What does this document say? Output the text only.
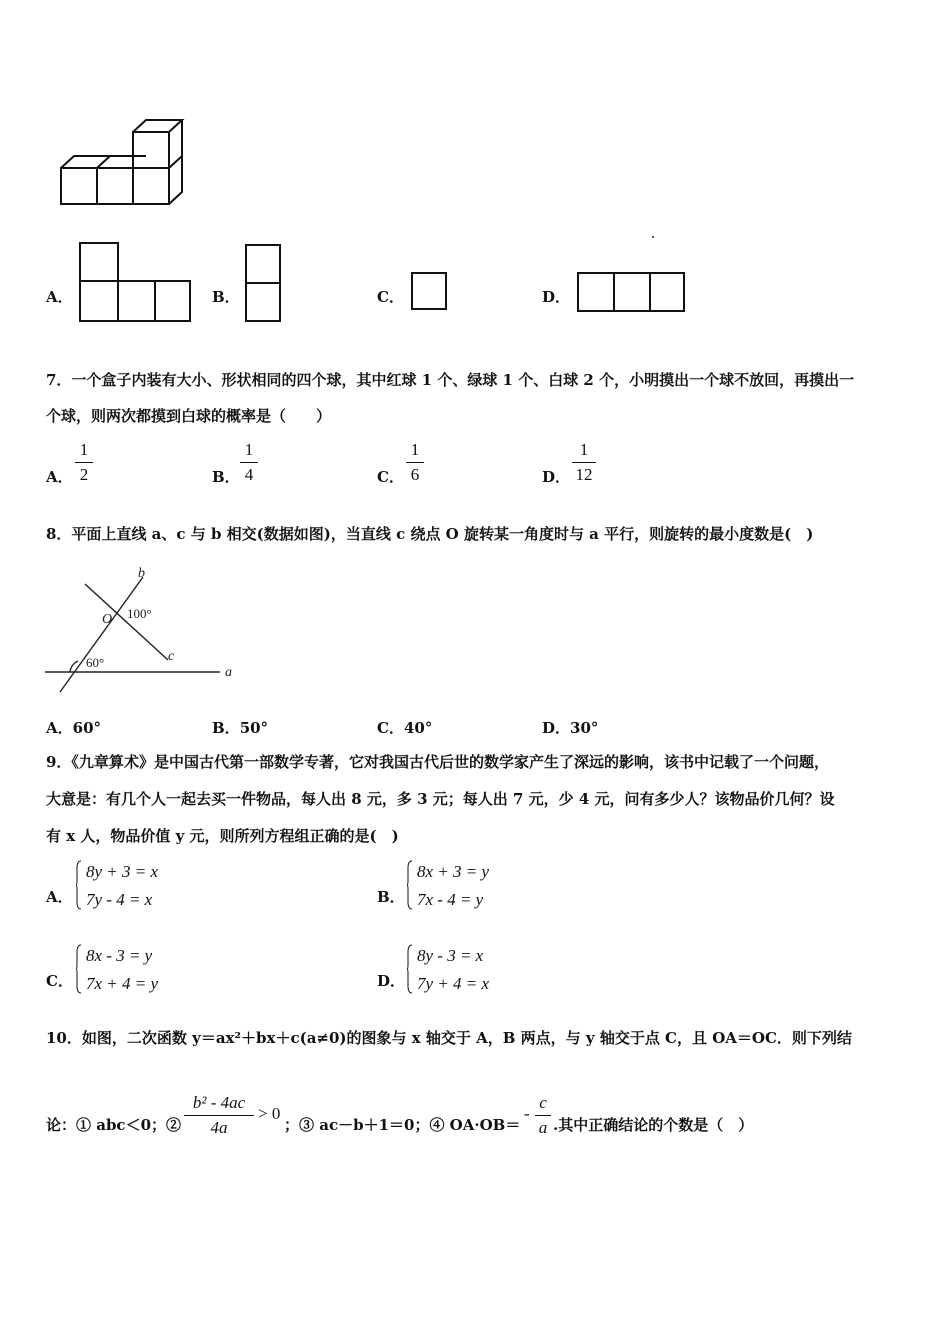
A．	B．	C．	D．
7．一个盒子内装有大小、形状相同的四个球，其中红球 1 个、绿球 1 个、白球 2 个，小明摸出一个球不放回，再摸出一
个球，则两次都摸到白球的概率是（　　）
A．
1
2	B．
1
4	C．
1
6	D．
1
12
8．平面上直线 a、c 与 b 相交(数据如图)，当直线 c 绕点 O 旋转某一角度时与 a 平行，则旋转的最小度数是(　)
b
O
c
a
100°
60°
A．60°	B．50°	C．40°	D．30°
9．《九章算术》是中国古代第一部数学专著，它对我国古代后世的数学家产生了深远的影响，该书中记载了一个问题，
大意是：有几个人一起去买一件物品，每人出 8 元，多 3 元；每人出 7 元，少 4 元，问有多少人？该物品价几何？设
有 x 人，物品价值 y 元，则所列方程组正确的是(　)
A．
8y + 3 = x
7y - 4 = x	B．
8x + 3 = y
7x - 4 = y
C．
8x - 3 = y
7x + 4 = y	D．
8y - 3 = x
7y + 4 = x
10．如图，二次函数 y＝ax²＋bx＋c(a≠0)的图象与 x 轴交于 A，B 两点，与 y 轴交于点 C，且 OA＝OC．则下列结
论：① abc＜0；②
b² - 4ac
4a
> 0
；③ ac－b＋1＝0；④ OA·OB＝
-
c
a .其中正确结论的个数是（　）
